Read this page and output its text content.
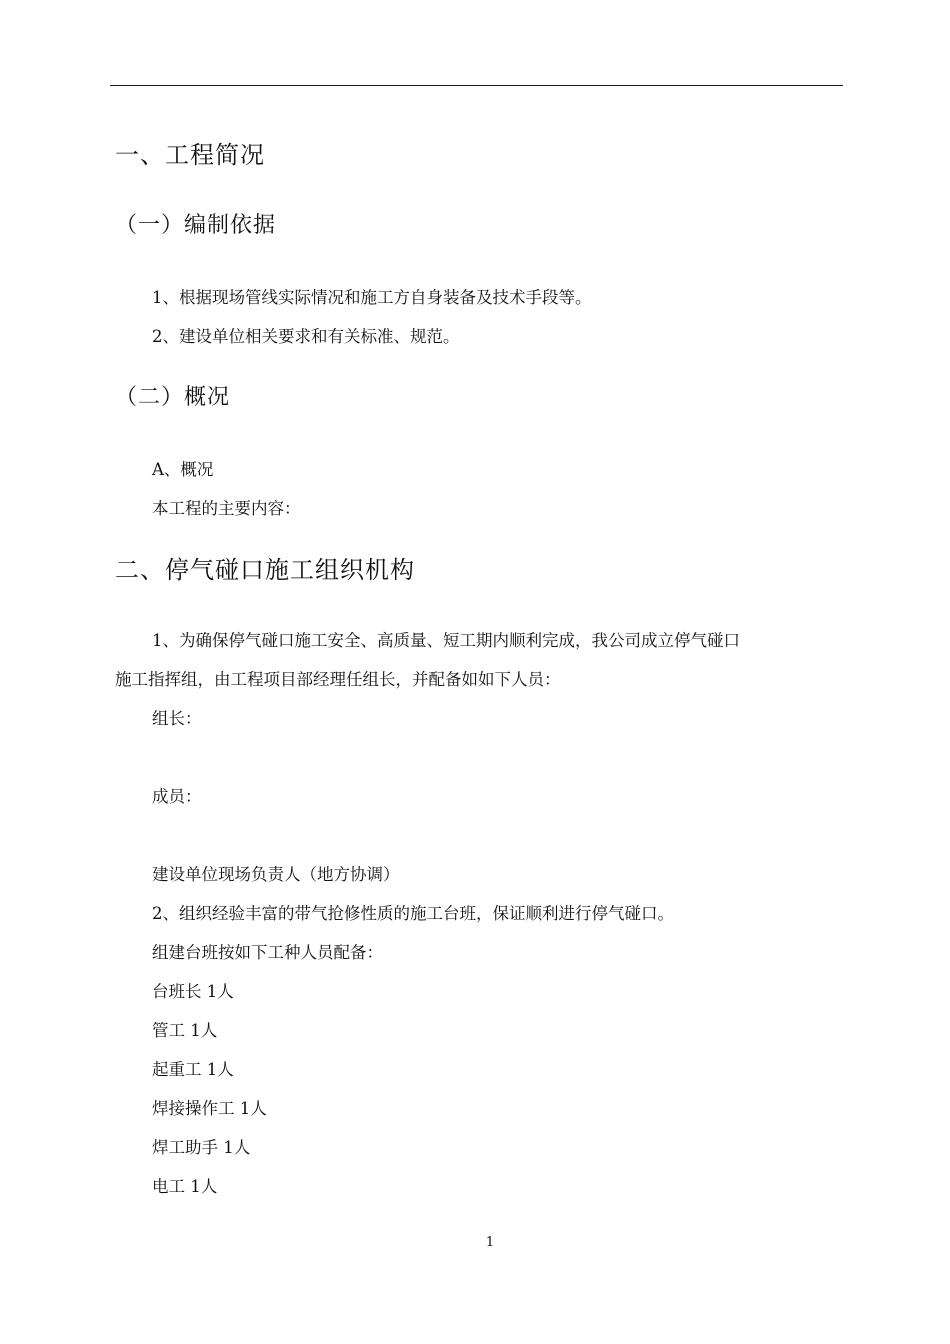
一、工程简况
（一）编制依据
1、根据现场管线实际情况和施工方自身装备及技术手段等。
2、建设单位相关要求和有关标准、规范。
（二）概况
A、概况
本工程的主要内容：
二、停气碰口施工组织机构
1、为确保停气碰口施工安全、高质量、短工期内顺利完成，我公司成立停气碰口
施工指挥组，由工程项目部经理任组长，并配备如如下人员：
组长：
成员：
建设单位现场负责人（地方协调）
2、组织经验丰富的带气抢修性质的施工台班，保证顺利进行停气碰口。
组建台班按如下工种人员配备：
台班长 1人
管工 1人
起重工 1人
焊接操作工 1人
焊工助手 1人
电工 1人
1
